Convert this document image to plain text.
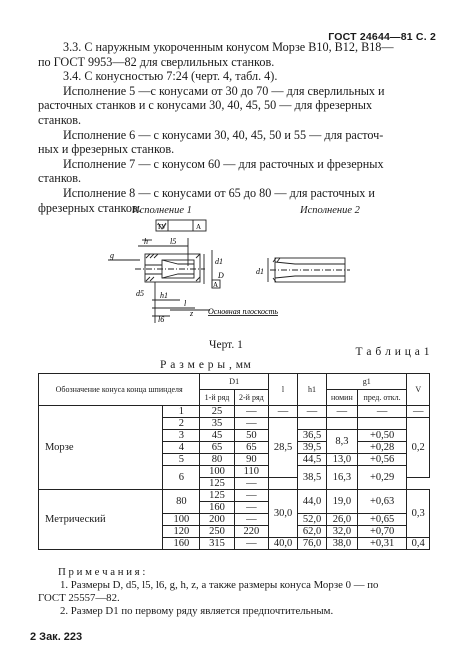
ГОСТ 24644—81 С. 2

3.3. С наружным укороченным конусом Морзе В10, В12, В18—

по ГОСТ 9953—82 для сверлильных станков.

3.4. С конусностью 7:24 (черт. 4, табл. 4).

Исполнение 5 —с конусами от 30 до 70 — для сверлильных и

расточных станков и с конусами 30, 40, 45, 50 — для фрезерных

станков.

Исполнение 6 — с конусами 30, 40, 45, 50 и 55 — для расточ-

ных и фрезерных станков.

Исполнение 7 — с конусом 60 — для расточных и фрезерных

станков.

Исполнение 8 — с конусами от 65 до 80 — для расточных и

фрезерных станков.

Исполнение 1	Исполнение 2
h	l5
g
d1
D
d5 h1
l
l6
z
d1
TV	A
A
Основная плоскость
Черт. 1
Р а з м е р ы , мм
Т а б л и ц а 1
Обозначение конуса конца шпинделя		D1		l	h1	g1		V
		1-й ряд	2-й ряд			номин	пред. откл.	
Морзе	1	25	—	—	—	—	—	—
	2	35	—	28,5				0,2
	3	45	50		36,5	8,3	+0,50	
	4	65	65		39,5		+0,28	
	5	80	90		44,5	13,0	+0,56	
	6	100	110		38,5	16,3	+0,29	
		125	—					
Метрический	80	125	—	30,0	44,0	19,0	+0,63	0,3
		160	—					
	100	200	—		52,0	26,0	+0,65	
	120	250	220		62,0	32,0	+0,70	
	160	315	—	40,0	76,0	38,0	+0,31	0,4

П р и м е ч а н и я :

1. Размеры D, d5, l5, l6, g, h, z, а также размеры конуса Морзе 0 — по

ГОСТ 25557—82.

2. Размер D1 по первому ряду является предпочтительным.

2 Зак. 223
